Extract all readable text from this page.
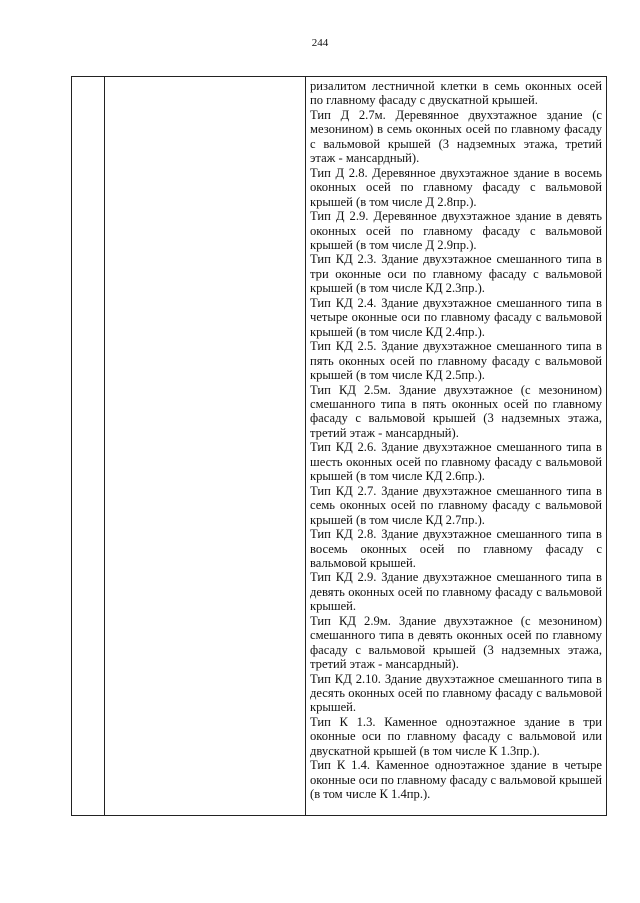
244

ризалитом лестничной клетки в семь оконных осей по главному фасаду с двускатной крышей.

Тип Д 2.7м. Деревянное двухэтажное здание (с мезонином) в семь оконных осей по главному фасаду с вальмовой крышей (3 надземных этажа, третий этаж - мансардный).

Тип Д 2.8. Деревянное двухэтажное здание в восемь оконных осей по главному фасаду с вальмовой крышей (в том числе Д 2.8пр.).

Тип Д 2.9. Деревянное двухэтажное здание в девять оконных осей по главному фасаду с вальмовой крышей (в том числе Д 2.9пр.).

Тип КД 2.3. Здание двухэтажное смешанного типа в три оконные оси по главному фасаду с вальмовой крышей (в том числе КД 2.3пр.).

Тип КД 2.4. Здание двухэтажное смешанного типа в четыре оконные оси по главному фасаду с вальмовой крышей (в том числе КД 2.4пр.).

Тип КД 2.5. Здание двухэтажное смешанного типа в пять оконных осей по главному фасаду с вальмовой крышей (в том числе КД 2.5пр.).

Тип КД 2.5м. Здание двухэтажное (с мезонином) смешанного типа в пять оконных осей по главному фасаду с вальмовой крышей (3 надземных этажа, третий этаж - мансардный).

Тип КД 2.6. Здание двухэтажное смешанного типа в шесть оконных осей по главному фасаду с вальмовой крышей (в том числе КД 2.6пр.).

Тип КД 2.7. Здание двухэтажное смешанного типа в семь оконных осей по главному фасаду с вальмовой крышей (в том числе КД 2.7пр.).

Тип КД 2.8. Здание двухэтажное смешанного типа в восемь оконных осей по главному фасаду с вальмовой крышей.

Тип КД 2.9. Здание двухэтажное смешанного типа в девять оконных осей по главному фасаду с вальмовой крышей.

Тип КД 2.9м. Здание двухэтажное (с мезонином) смешанного типа в девять оконных осей по главному фасаду с вальмовой крышей (3 надземных этажа, третий этаж - мансардный).

Тип КД 2.10. Здание двухэтажное смешанного типа в десять оконных осей по главному фасаду с вальмовой крышей.

Тип К 1.3. Каменное одноэтажное здание в три оконные оси по главному фасаду с вальмовой или двускатной крышей (в том числе К 1.3пр.).

Тип К 1.4. Каменное одноэтажное здание в четыре оконные оси по главному фасаду с вальмовой крышей (в том числе К 1.4пр.).
